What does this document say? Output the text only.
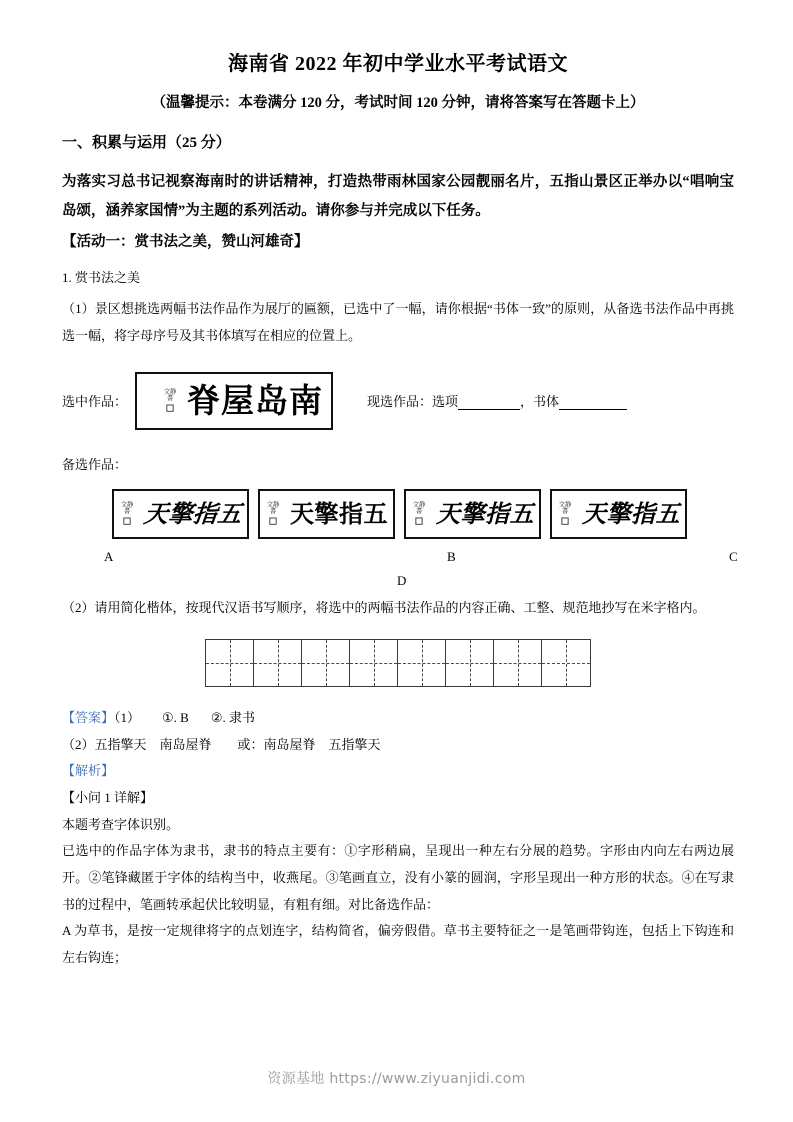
海南省 2022 年初中学业水平考试语文
（温馨提示：本卷满分 120 分，考试时间 120 分钟，请将答案写在答题卡上）
一、积累与运用（25 分）

为落实习总书记视察海南时的讲话精神，打造热带雨林国家公园靓丽名片，五指山景区正举办以“唱响宝岛颂，涵养家国情”为主题的系列活动。请你参与并完成以下任务。

【活动一：赏书法之美，赞山河雄奇】
1. 赏书法之美

（1）景区想挑选两幅书法作品作为展厅的匾额，已选中了一幅，请你根据“书体一致”的原则，从备选书法作品中再挑选一幅，将字母序号及其书体填写在相应的位置上。

选中作品：
文静
書 脊屋岛南	现选作品：选项	，书体
备选作品：
文静
書 天擎指五	文静
書 天擎指五	文静
書 天擎指五	文静
書 天擎指五
A	B	C
D

（2）请用简化楷体，按现代汉语书写顺序，将选中的两幅书法作品的内容正确、工整、规范地抄写在米字格内。

【答案】（1） ①. B ②. 隶书

（2）五指擎天　南岛屋脊　　或：南岛屋脊　五指擎天

【解析】

【小问 1 详解】

本题考查字体识别。

已选中的作品字体为隶书，隶书的特点主要有：①字形稍扁，呈现出一种左右分展的趋势。字形由内向左右两边展开。②笔锋藏匿于字体的结构当中，收燕尾。③笔画直立，没有小篆的圆润，字形呈现出一种方形的状态。④在写隶书的过程中，笔画转承起伏比较明显，有粗有细。对比备选作品：

A 为草书，是按一定规律将字的点划连字，结构简省，偏旁假借。草书主要特征之一是笔画带钩连，包括上下钩连和左右钩连；

资源基地 https://www.ziyuanjidi.com
